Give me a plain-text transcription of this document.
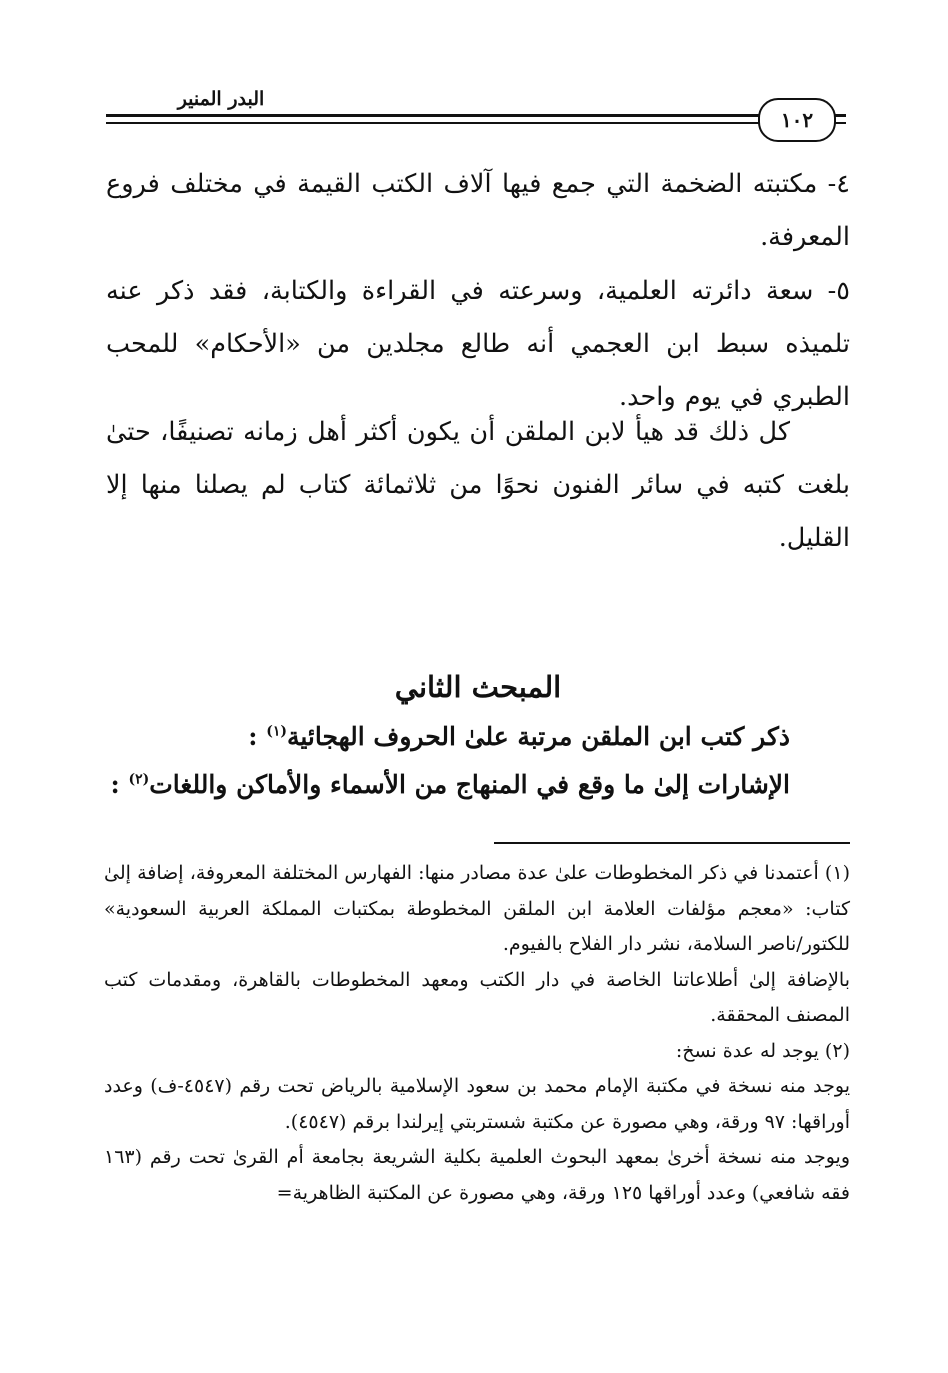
١٠٢
البدر المنير

٤- مكتبته الضخمة التي جمع فيها آلاف الكتب القيمة في مختلف فروع المعرفة.

٥- سعة دائرته العلمية، وسرعته في القراءة والكتابة، فقد ذكر عنه تلميذه سبط ابن العجمي أنه طالع مجلدين من «الأحكام» للمحب الطبري في يوم واحد.

كل ذلك قد هيأ لابن الملقن أن يكون أكثر أهل زمانه تصنيفًا، حتىٰ بلغت كتبه في سائر الفنون نحوًا من ثلاثمائة كتاب لم يصلنا منها إلا القليل.

المبحث الثاني
ذكر كتب ابن الملقن مرتبة علىٰ الحروف الهجائية$^{(١)}$ :
الإشارات إلىٰ ما وقع في المنهاج من الأسماء والأماكن واللغات$^{(٢)}$ :

(١) أعتمدنا في ذكر المخطوطات علىٰ عدة مصادر منها: الفهارس المختلفة المعروفة، إضافة إلىٰ كتاب: «معجم مؤلفات العلامة ابن الملقن المخطوطة بمكتبات المملكة العربية السعودية» للكتور/ناصر السلامة، نشر دار الفلاح بالفيوم.

بالإضافة إلىٰ أطلاعاتنا الخاصة في دار الكتب ومعهد المخطوطات بالقاهرة، ومقدمات كتب المصنف المحققة.

(٢) يوجد له عدة نسخ:

يوجد منه نسخة في مكتبة الإمام محمد بن سعود الإسلامية بالرياض تحت رقم (٤٥٤٧-ف) وعدد أوراقها: ٩٧ ورقة، وهي مصورة عن مكتبة شستربتي إيرلندا برقم (٤٥٤٧).

ويوجد منه نسخة أخرىٰ بمعهد البحوث العلمية بكلية الشريعة بجامعة أم القرىٰ تحت رقم (١٦٣ فقه شافعي) وعدد أوراقها ١٢٥ ورقة، وهي مصورة عن المكتبة الظاهرية=
